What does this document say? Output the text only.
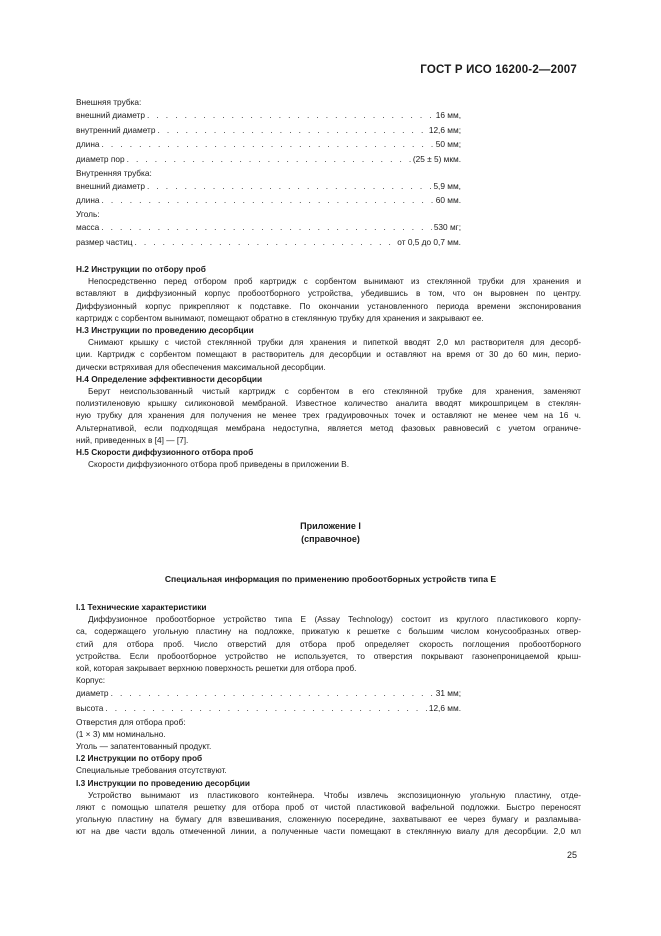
ГОСТ Р ИСО 16200-2—2007
Внешняя трубка:
внешний диаметр . . .	16 мм,
внутренний диаметр . . .	12,6 мм;
длина . . .	50 мм;
диаметр пор . . .	(25 ± 5) мкм.
Внутренняя трубка:
внешний диаметр . . .	5,9 мм,
длина . . .	60 мм.
Уголь:
масса . . .	530 мг;
размер частиц . . .	от 0,5 до 0,7 мм.
Н.2 Инструкции по отбору проб
Непосредственно перед отбором проб картридж с сорбентом вынимают из стеклянной трубки для хранения и
вставляют в диффузионный корпус пробоотборного устройства, убедившись в том, что он выровнен по центру.
Диффузионный корпус прикрепляют к подставке. По окончании установленного периода времени экспонирования
картридж с сорбентом вынимают, помещают обратно в стеклянную трубку для хранения и закрывают ее.
Н.3 Инструкции по проведению десорбции
Снимают крышку с чистой стеклянной трубки для хранения и пипеткой вводят 2,0 мл растворителя для десорб-
ции. Картридж с сорбентом помещают в растворитель для десорбции и оставляют на время от 30 до 60 мин, перио-
дически встряхивая для обеспечения максимальной десорбции.
Н.4 Определение эффективности десорбции
Берут неиспользованный чистый картридж с сорбентом в его стеклянной трубке для хранения, заменяют
полиэтиленовую крышку силиконовой мембраной. Известное количество аналита вводят микрошприцем в стеклян-
ную трубку для хранения для получения не менее трех градуировочных точек и оставляют не менее чем на 16 ч.
Альтернативой, если подходящая мембрана недоступна, является метод фазовых равновесий с учетом ограниче-
ний, приведенных в [4] — [7].
Н.5 Скорости диффузионного отбора проб
Скорости диффузионного отбора проб приведены в приложении В.
Приложение I
(справочное)
Специальная информация по применению пробоотборных устройств типа Е
I.1 Технические характеристики
Диффузионное пробоотборное устройство типа Е (Assay Technology) состоит из круглого пластикового корпу-
са, содержащего угольную пластину на подложке, прижатую к решетке с большим числом конусообразных отвер-
стий для отбора проб. Число отверстий для отбора проб определяет скорость поглощения пробоотборного
устройства. Если пробоотборное устройство не используется, то отверстия покрывают газонепроницаемой крыш-
кой, которая закрывает верхнюю поверхность решетки для отбора проб.
Корпус:
диаметр . . .	31 мм;
высота . . .	12,6 мм.
Отверстия для отбора проб:
(1 × 3) мм номинально.
Уголь — запатентованный продукт.
I.2 Инструкции по отбору проб
Специальные требования отсутствуют.
I.3 Инструкции по проведению десорбции
Устройство вынимают из пластикового контейнера. Чтобы извлечь экспозиционную угольную пластину, отде-
ляют с помощью шпателя решетку для отбора проб от чистой пластиковой вафельной подложки. Быстро переносят
угольную пластину на бумагу для взвешивания, сложенную посередине, захватывают ее через бумагу и разламыва-
ют на две части вдоль отмеченной линии, а полученные части помещают в стеклянную виалу для десорбции. 2,0 мл
25
